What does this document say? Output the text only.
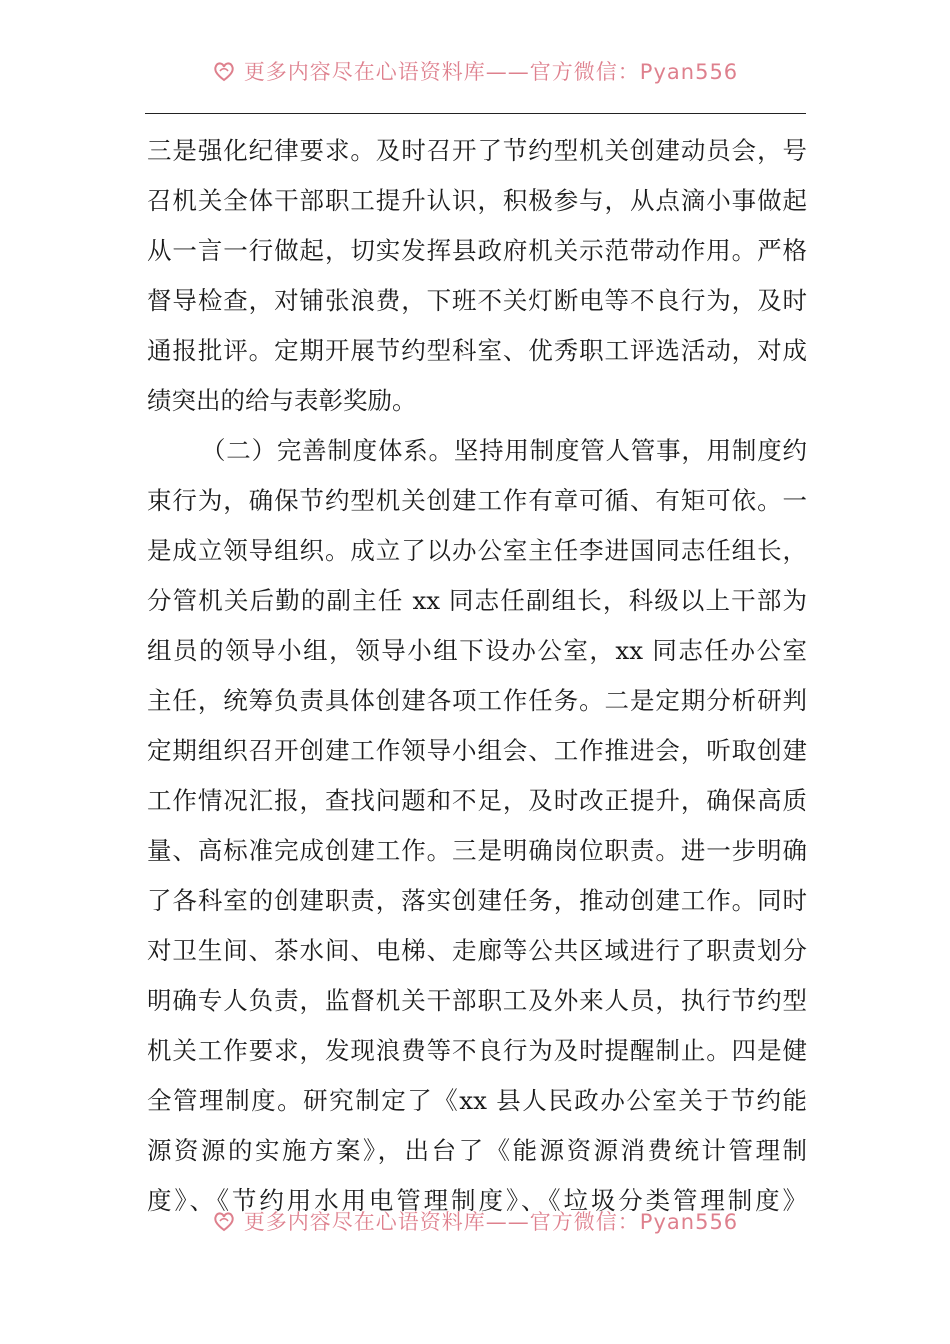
更多内容尽在心语资料库——官方微信：Pyan556
三是强化纪律要求。及时召开了节约型机关创建动员会，号
召机关全体干部职工提升认识，积极参与，从点滴小事做起
从一言一行做起，切实发挥县政府机关示范带动作用。严格
督导检查，对铺张浪费，下班不关灯断电等不良行为，及时
通报批评。定期开展节约型科室、优秀职工评选活动，对成
绩突出的给与表彰奖励。
（二）完善制度体系。坚持用制度管人管事，用制度约
束行为，确保节约型机关创建工作有章可循、有矩可依。一
是成立领导组织。成立了以办公室主任李进国同志任组长，
分管机关后勤的副主任 xx 同志任副组长，科级以上干部为
组员的领导小组，领导小组下设办公室，xx 同志任办公室
主任，统筹负责具体创建各项工作任务。二是定期分析研判
定期组织召开创建工作领导小组会、工作推进会，听取创建
工作情况汇报，查找问题和不足，及时改正提升，确保高质
量、高标准完成创建工作。三是明确岗位职责。进一步明确
了各科室的创建职责，落实创建任务，推动创建工作。同时
对卫生间、茶水间、电梯、走廊等公共区域进行了职责划分
明确专人负责，监督机关干部职工及外来人员，执行节约型
机关工作要求，发现浪费等不良行为及时提醒制止。四是健
全管理制度。研究制定了《xx 县人民政办公室关于节约能
源资源的实施方案》，出台了《能源资源消费统计管理制
度》、《节约用水用电管理制度》、《垃圾分类管理制度》
更多内容尽在心语资料库——官方微信：Pyan556
